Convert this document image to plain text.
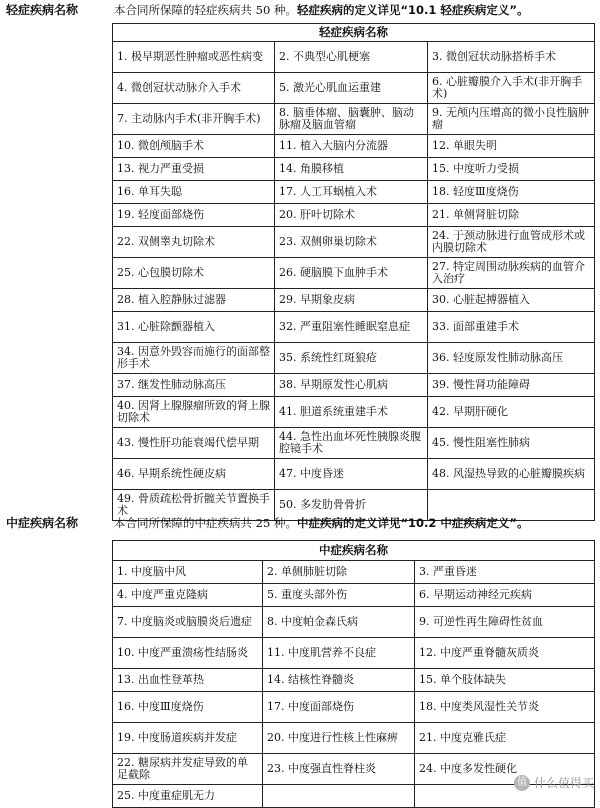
轻症疾病名称	本合同所保障的轻症疾病共 50 种。轻症疾病的定义详见“10.1 轻症疾病定义”。
轻症疾病名称		
1. 极早期恶性肿瘤或恶性病变	2. 不典型心肌梗塞	3. 微创冠状动脉搭桥手术
4. 微创冠状动脉介入手术	5. 激光心肌血运重建	6. 心脏瓣膜介入手术(非开胸手术)
7. 主动脉内手术(非开胸手术)	8. 脑垂体瘤、脑囊肿、脑动脉瘤及脑血管瘤	9. 无颅内压增高的微小良性脑肿瘤
10. 微创颅脑手术	11. 植入大脑内分流器	12. 单眼失明
13. 视力严重受损	14. 角膜移植	15. 中度听力受损
16. 单耳失聪	17. 人工耳蜗植入术	18. 轻度Ⅲ度烧伤
19. 轻度面部烧伤	20. 肝叶切除术	21. 单侧肾脏切除
22. 双侧睾丸切除术	23. 双侧卵巢切除术	24. 于颈动脉进行血管成形术或内膜切除术
25. 心包膜切除术	26. 硬脑膜下血肿手术	27. 特定周围动脉疾病的血管介入治疗
28. 植入腔静脉过滤器	29. 早期象皮病	30. 心脏起搏器植入
31. 心脏除颤器植入	32. 严重阻塞性睡眠窒息症	33. 面部重建手术
34. 因意外毁容而施行的面部整形手术	35. 系统性红斑狼疮	36. 轻度原发性肺动脉高压
37. 继发性肺动脉高压	38. 早期原发性心肌病	39. 慢性肾功能障碍
40. 因肾上腺腺瘤所致的肾上腺切除术	41. 胆道系统重建手术	42. 早期肝硬化
43. 慢性肝功能衰竭代偿早期	44. 急性出血坏死性胰腺炎腹腔镜手术	45. 慢性阻塞性肺病
46. 早期系统性硬皮病	47. 中度昏迷	48. 风湿热导致的心脏瓣膜疾病
49. 骨质疏松骨折髋关节置换手术	50. 多发肋骨骨折	
中症疾病名称	本合同所保障的中症疾病共 25 种。中症疾病的定义详见“10.2 中症疾病定义”。
中症疾病名称		
1. 中度脑中风	2. 单侧肺脏切除	3. 严重昏迷
4. 中度严重克隆病	5. 重度头部外伤	6. 早期运动神经元疾病
7. 中度脑炎或脑膜炎后遗症	8. 中度帕金森氏病	9. 可逆性再生障碍性贫血
10. 中度严重溃疡性结肠炎	11. 中度肌营养不良症	12. 中度严重脊髓灰质炎
13. 出血性登革热	14. 结核性脊髓炎	15. 单个肢体缺失
16. 中度Ⅲ度烧伤	17. 中度面部烧伤	18. 中度类风湿性关节炎
19. 中度肠道疾病并发症	20. 中度进行性核上性麻痹	21. 中度克雅氏症
22. 糖尿病并发症导致的单足截除	23. 中度强直性脊柱炎	24. 中度多发性硬化
25. 中度重症肌无力		
值 什么值得买
